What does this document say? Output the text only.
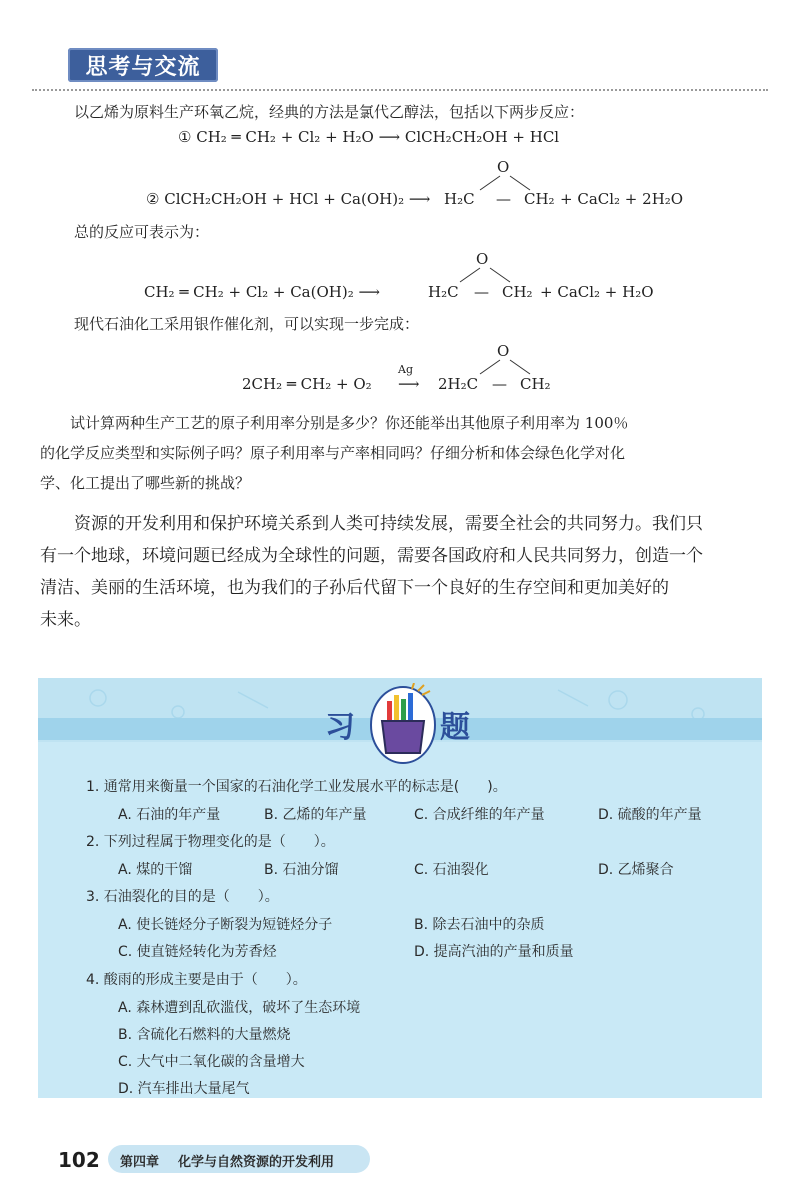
思考与交流
以乙烯为原料生产环氧乙烷，经典的方法是氯代乙醇法，包括以下两步反应：
① CH₂ ═ CH₂ + Cl₂ + H₂O ⟶ ClCH₂CH₂OH + HCl
O
② ClCH₂CH₂OH + HCl + Ca(OH)₂ ⟶ H₂C — CH₂ + CaCl₂ + 2H₂O
总的反应可表示为：
O
CH₂ ═ CH₂ + Cl₂ + Ca(OH)₂ ⟶	H₂C — CH₂ + CaCl₂ + H₂O
现代石油化工采用银作催化剂，可以实现一步完成：
O
Ag
2CH₂ ═ CH₂ + O₂ ⟶ 2H₂C — CH₂
　　试计算两种生产工艺的原子利用率分别是多少？你还能举出其他原子利用率为 100％
的化学反应类型和实际例子吗？原子利用率与产率相同吗？仔细分析和体会绿色化学对化
学、化工提出了哪些新的挑战？
　　资源的开发利用和保护环境关系到人类可持续发展，需要全社会的共同努力。我们只
有一个地球，环境问题已经成为全球性的问题，需要各国政府和人民共同努力，创造一个
清洁、美丽的生活环境，也为我们的子孙后代留下一个良好的生存空间和更加美好的
未来。
习	题
1. 通常用来衡量一个国家的石油化学工业发展水平的标志是(　　)。
A. 石油的年产量	B. 乙烯的年产量	C. 合成纤维的年产量	D. 硫酸的年产量
2. 下列过程属于物理变化的是（　　）。
A. 煤的干馏	B. 石油分馏	C. 石油裂化	D. 乙烯聚合
3. 石油裂化的目的是（　　）。
A. 使长链烃分子断裂为短链烃分子	B. 除去石油中的杂质
C. 使直链烃转化为芳香烃	D. 提高汽油的产量和质量
4. 酸雨的形成主要是由于（　　）。
A. 森林遭到乱砍滥伐，破坏了生态环境
B. 含硫化石燃料的大量燃烧
C. 大气中二氧化碳的含量增大
D. 汽车排出大量尾气
102 第四章 化学与自然资源的开发利用
